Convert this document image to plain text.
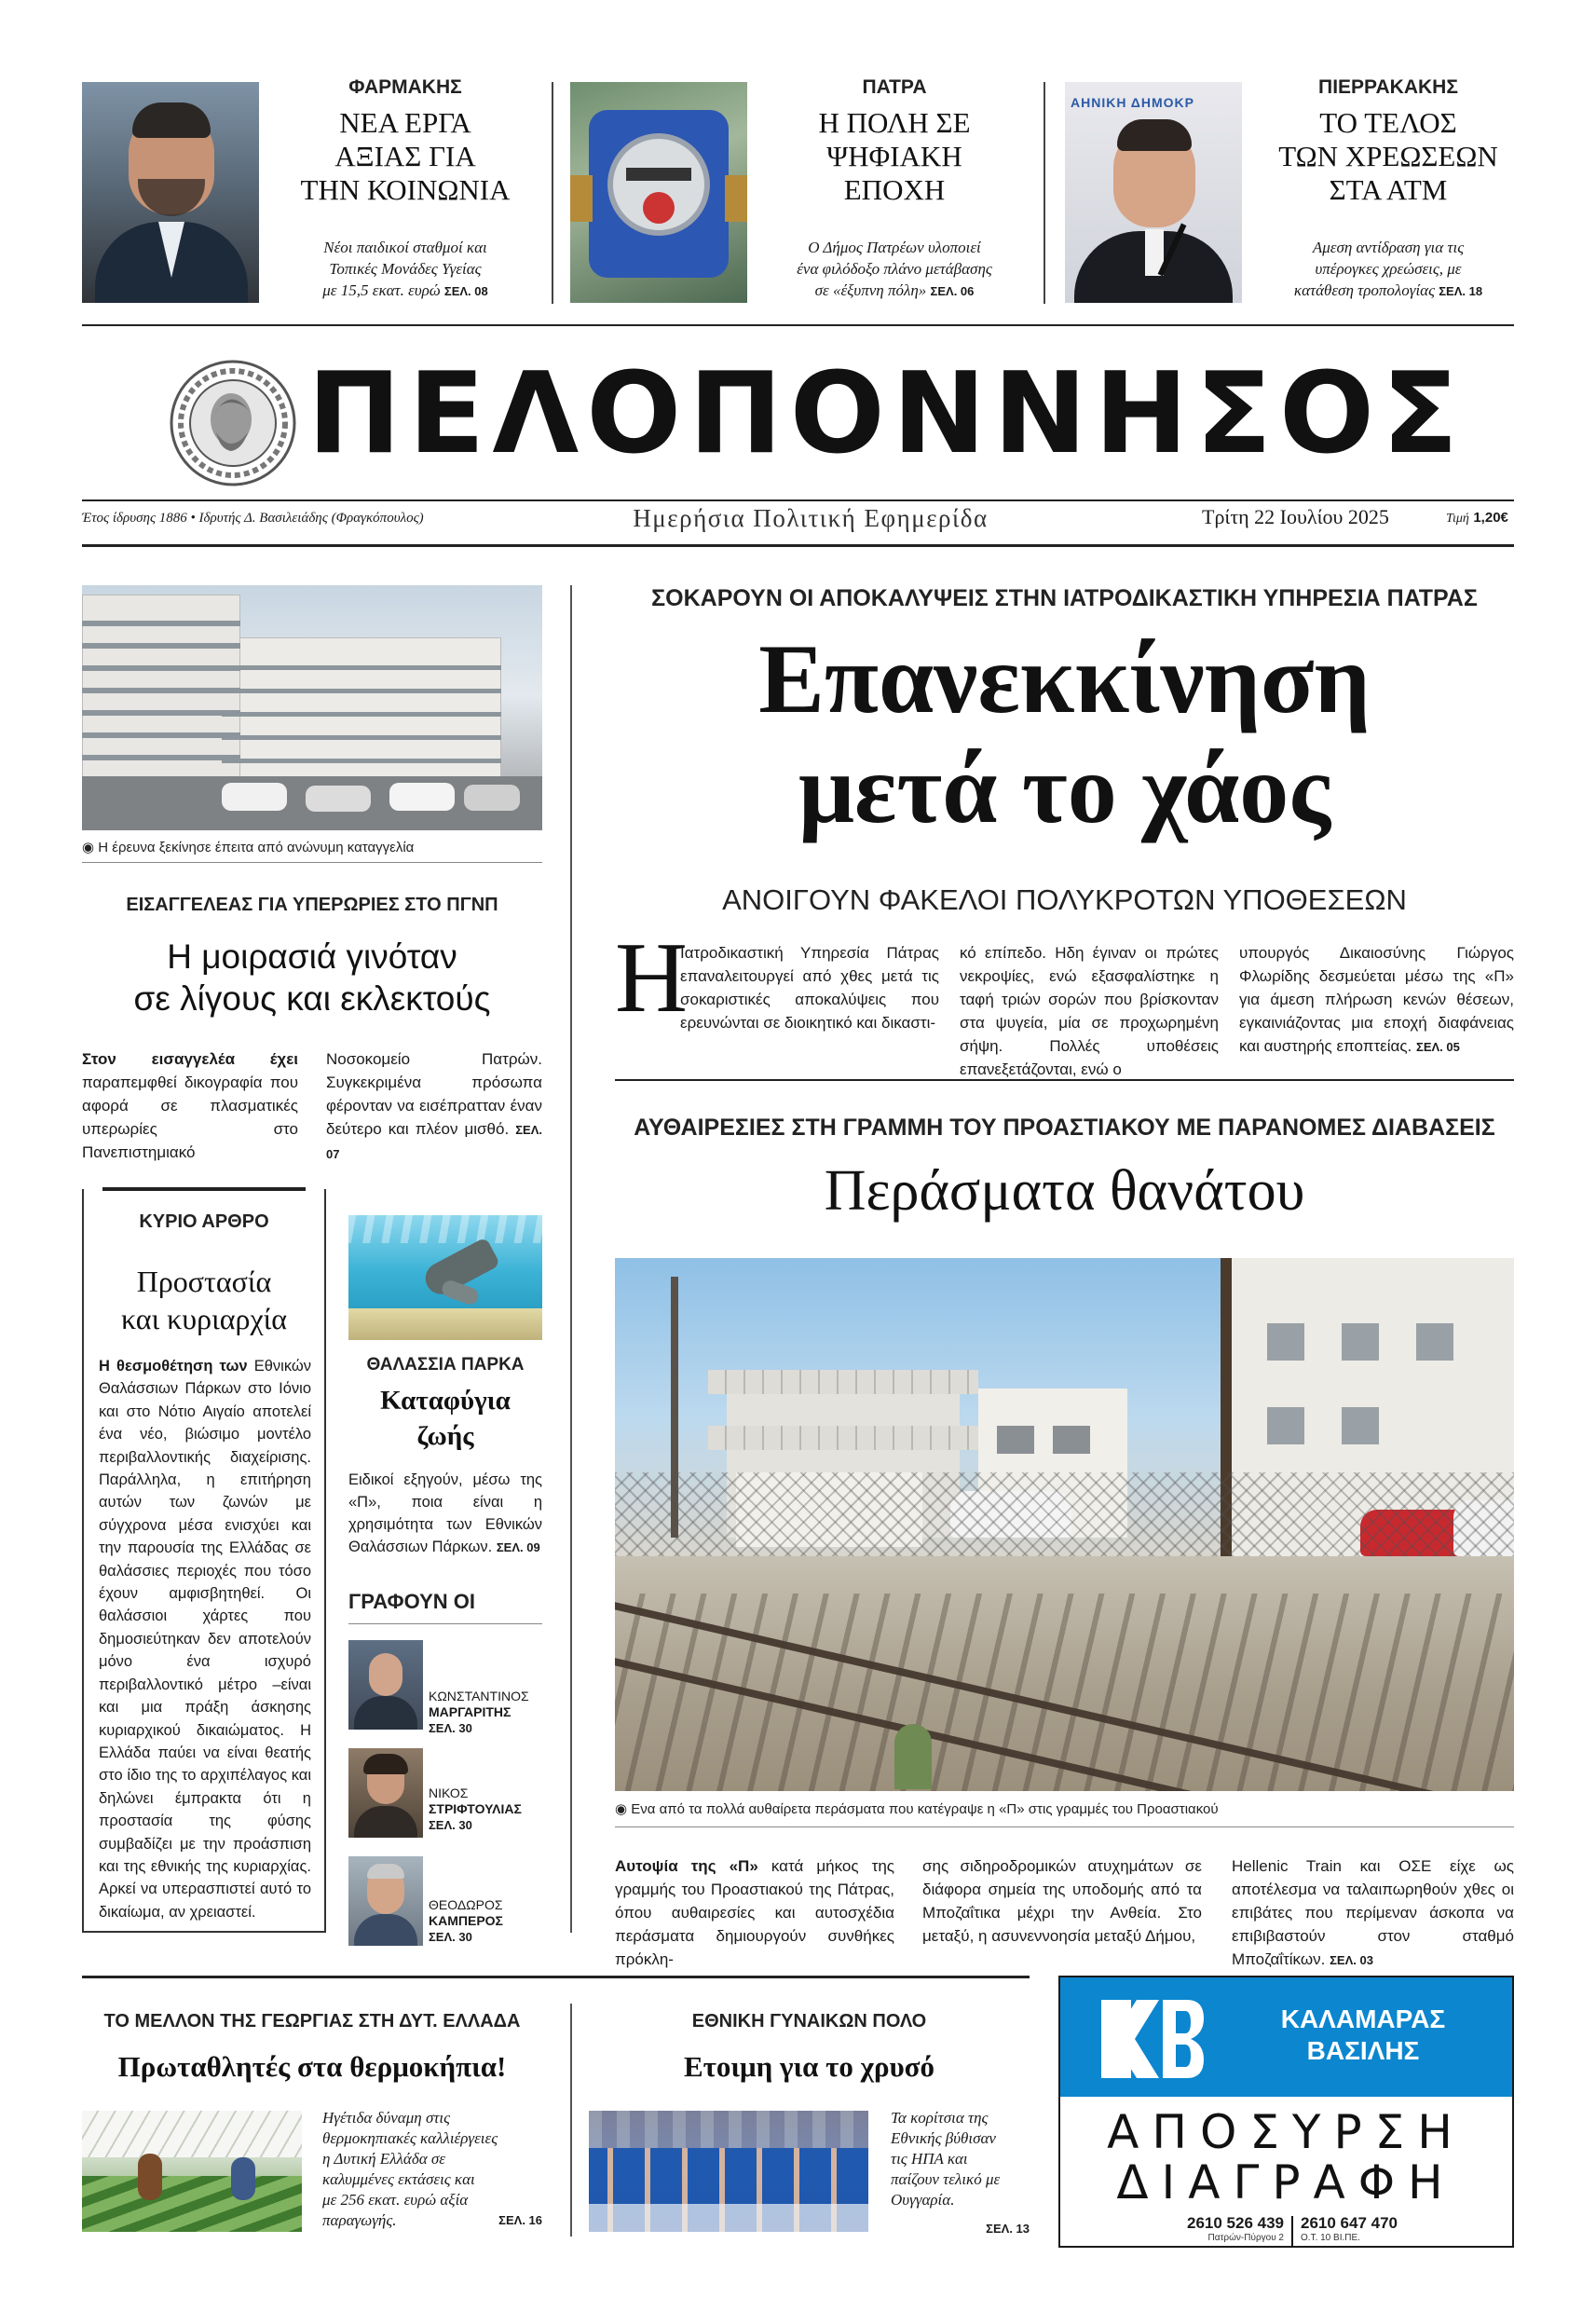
ΦΑΡΜΑΚΗΣ
ΝΕΑ ΕΡΓΑ
ΑΞΙΑΣ ΓΙΑ
ΤΗΝ ΚΟΙΝΩΝΙΑ
Νέοι παιδικοί σταθμοί και
Τοπικές Μονάδες Υγείας
με 15,5 εκατ. ευρώ ΣΕΛ. 08
ΠΑΤΡΑ
Η ΠΟΛΗ ΣΕ
ΨΗΦΙΑΚΗ
ΕΠΟΧΗ
Ο Δήμος Πατρέων υλοποιεί
ένα φιλόδοξο πλάνο μετάβασης
σε «έξυπνη πόλη» ΣΕΛ. 06
ΑΗΝΙΚΗ ΔΗΜΟΚΡ
ΠΙΕΡΡΑΚΑΚΗΣ
ΤΟ ΤΕΛΟΣ
ΤΩΝ ΧΡΕΩΣΕΩΝ
ΣΤΑ ΑΤΜ
Αμεση αντίδραση για τις
υπέρογκες χρεώσεις, με
κατάθεση τροπολογίας ΣΕΛ. 18
ΠΕΛΟΠΟΝΝΗΣΟΣ
Έτος ίδρυσης 1886 • Ιδρυτής Δ. Βασιλειάδης (Φραγκόπουλος)	Ημερήσια Πολιτική Εφημερίδα	Τρίτη 22 Ιουλίου 2025	Τιμή 1,20€
◉ Η έρευνα ξεκίνησε έπειτα από ανώνυμη καταγγελία
ΕΙΣΑΓΓΕΛΕΑΣ ΓΙΑ ΥΠΕΡΩΡΙΕΣ ΣΤΟ ΠΓΝΠ
Η μοιρασιά γινόταν
σε λίγους και εκλεκτούς
Στον εισαγγελέα έχει παραπεμφθεί δικογραφία που αφορά σε πλασματικές υπερωρίες στο Πανεπιστημιακό
Νοσοκομείο Πατρών. Συγκεκριμένα πρόσωπα φέρονταν να εισέπρατταν έναν δεύτερο και πλέον μισθό. ΣΕΛ. 07
ΣΟΚΑΡΟΥΝ ΟΙ ΑΠΟΚΑΛΥΨΕΙΣ ΣΤΗΝ ΙΑΤΡΟΔΙΚΑΣΤΙΚΗ ΥΠΗΡΕΣΙΑ ΠΑΤΡΑΣ
Επανεκκίνηση
μετά το χάος
ΑΝΟΙΓΟΥΝ ΦΑΚΕΛΟΙ ΠΟΛΥΚΡΟΤΩΝ ΥΠΟΘΕΣΕΩΝ
Η
Ιατροδικαστική Υπηρεσία Πάτρας επαναλειτουργεί από χθες μετά τις σοκαριστικές αποκαλύψεις που ερευνώνται σε διοικητικό και δικαστι-
κό επίπεδο. Ηδη έγιναν οι πρώτες νεκροψίες, ενώ εξασφαλίστηκε η ταφή τριών σορών που βρίσκονταν στα ψυγεία, μία σε προχωρημένη σήψη. Πολλές υποθέσεις επανεξετάζονται, ενώ ο
υπουργός Δικαιοσύνης Γιώργος Φλωρίδης δεσμεύεται μέσω της «Π» για άμεση πλήρωση κενών θέσεων, εγκαινιάζοντας μια εποχή διαφάνειας και αυστηρής εποπτείας. ΣΕΛ. 05
ΚΥΡΙΟ ΑΡΘΡΟ
Προστασία
και κυριαρχία
Η θεσμοθέτηση των Εθνικών Θαλάσσιων Πάρκων στο Ιόνιο και στο Νότιο Αιγαίο αποτελεί ένα νέο, βιώσιμο μοντέλο περιβαλλοντικής διαχείρισης. Παράλληλα, η επιτήρηση αυτών των ζωνών με σύγχρονα μέσα ενισχύει και την παρουσία της Ελλάδας σε θαλάσσιες περιοχές που τόσο έχουν αμφισβητηθεί. Οι θαλάσσιοι χάρτες που δημοσιεύτηκαν δεν αποτελούν μόνο ένα ισχυρό περιβαλλοντικό μέτρο –είναι και μια πράξη άσκησης κυριαρχικού δικαιώματος. Η Ελλάδα παύει να είναι θεατής στο ίδιο της το αρχιπέλαγος και δηλώνει έμπρακτα ότι η προστασία της φύσης συμβαδίζει με την προάσπιση και της εθνικής της κυριαρχίας. Αρκεί να υπερασπιστεί αυτό το δικαίωμα, αν χρειαστεί.
ΘΑΛΑΣΣΙΑ ΠΑΡΚΑ
Καταφύγια
ζωής
Ειδικοί εξηγούν, μέσω της «Π», ποια είναι η χρησιμότητα των Εθνικών Θαλάσσιων Πάρκων. ΣΕΛ. 09
ΓΡΑΦΟΥΝ ΟΙ
ΚΩΝΣΤΑΝΤΙΝΟΣ
ΜΑΡΓΑΡΙΤΗΣ
ΣΕΛ. 30
ΝΙΚΟΣ
ΣΤΡΙΦΤΟΥΛΙΑΣ
ΣΕΛ. 30
ΘΕΟΔΩΡΟΣ
ΚΑΜΠΕΡΟΣ
ΣΕΛ. 30
ΑΥΘΑΙΡΕΣΙΕΣ ΣΤΗ ΓΡΑΜΜΗ ΤΟΥ ΠΡΟΑΣΤΙΑΚΟΥ ΜΕ ΠΑΡΑΝΟΜΕΣ ΔΙΑΒΑΣΕΙΣ
Περάσματα θανάτου
◉ Ενα από τα πολλά αυθαίρετα περάσματα που κατέγραψε η «Π» στις γραμμές του Προαστιακού
Αυτοψία της «Π» κατά μήκος της γραμμής του Προαστιακού της Πάτρας, όπου αυθαιρεσίες και αυτοσχέδια περάσματα δημιουργούν συνθήκες πρόκλη-
σης σιδηροδρομικών ατυχημάτων σε διάφορα σημεία της υποδομής από τα Μποζαΐτικα μέχρι την Ανθεία. Στο μεταξύ, η ασυνεννοησία μεταξύ Δήμου,
Hellenic Train και ΟΣΕ είχε ως αποτέλεσμα να ταλαιπωρηθούν χθες οι επιβάτες που περίμεναν άσκοπα να επιβιβαστούν στον σταθμό Μποζαΐτίκων. ΣΕΛ. 03
ΤΟ ΜΕΛΛΟΝ ΤΗΣ ΓΕΩΡΓΙΑΣ ΣΤΗ ΔΥΤ. ΕΛΛΑΔΑ
Πρωταθλητές στα θερμοκήπια!
Ηγέτιδα δύναμη στις
θερμοκηπιακές καλλιέργειες
η Δυτική Ελλάδα σε
καλυμμένες εκτάσεις και
με 256 εκατ. ευρώ αξία
παραγωγής.	ΣΕΛ. 16
ΕΘΝΙΚΗ ΓΥΝΑΙΚΩΝ ΠΟΛΟ
Ετοιμη για το χρυσό
Τα κορίτσια της
Εθνικής βύθισαν
τις ΗΠΑ και
παίζουν τελικό με
Ουγγαρία.
ΣΕΛ. 13
ΚΑΛΑΜΑΡΑΣ
ΒΑΣΙΛΗΣ
ΑΠΟΣΥΡΣΗ
ΔΙΑΓΡΑΦΗ
2610 526 439
Πατρών-Πύργου 2
2610 647 470
Ο.Τ. 10 ΒΙ.ΠΕ.
